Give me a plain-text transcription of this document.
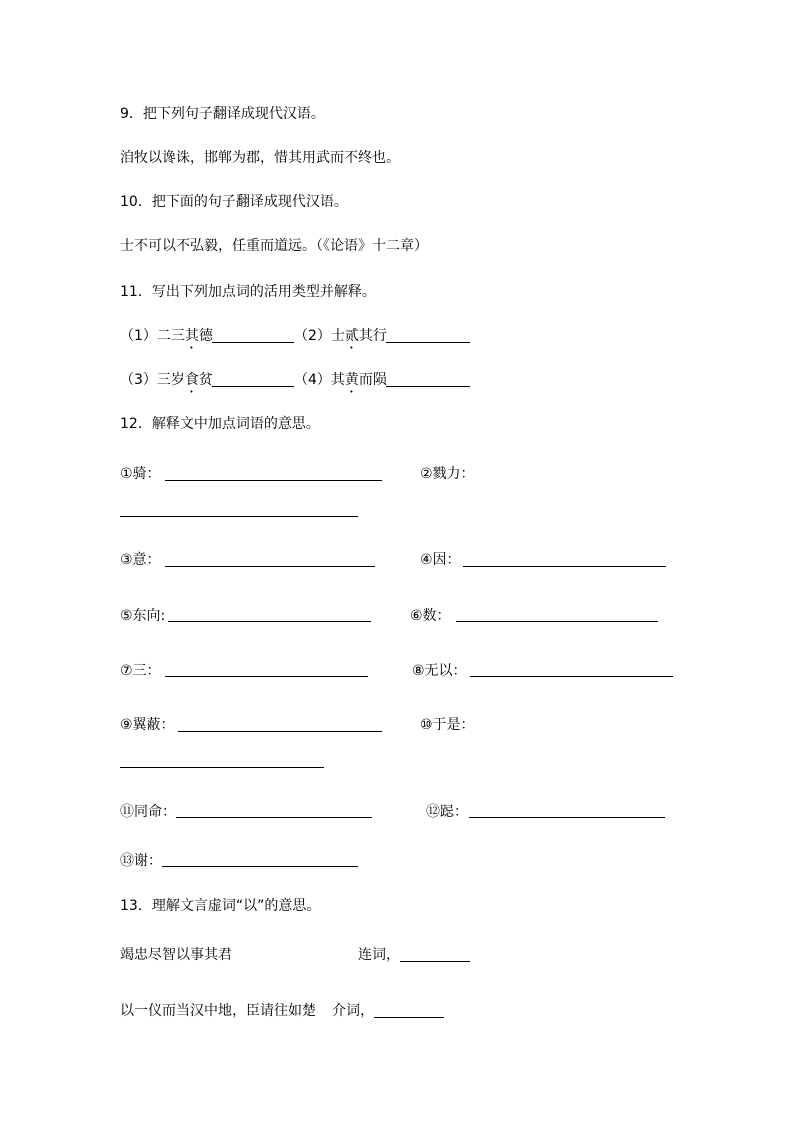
9．把下列句子翻译成现代汉语。
洎牧以谗诛，邯郸为郡，惜其用武而不终也。
10．把下面的句子翻译成现代汉语。
士不可以不弘毅，任重而道远。（《论语》十二章）
11．写出下列加点词的活用类型并解释。
（1）二三其德	（2）士贰其行
（3）三岁食贫	（4）其黄而陨
12．解释文中加点词语的意思。
①骑：	②戮力：
③意：	④因：
⑤东向:	⑥数：
⑦三：	⑧无以：
⑨翼蔽：	⑩于是：
⑪同命：	⑫跽：
⑬谢：
13．理解文言虚词“以”的意思。
竭忠尽智以事其君	连词，
以一仪而当汉中地，臣请往如楚 介词，
